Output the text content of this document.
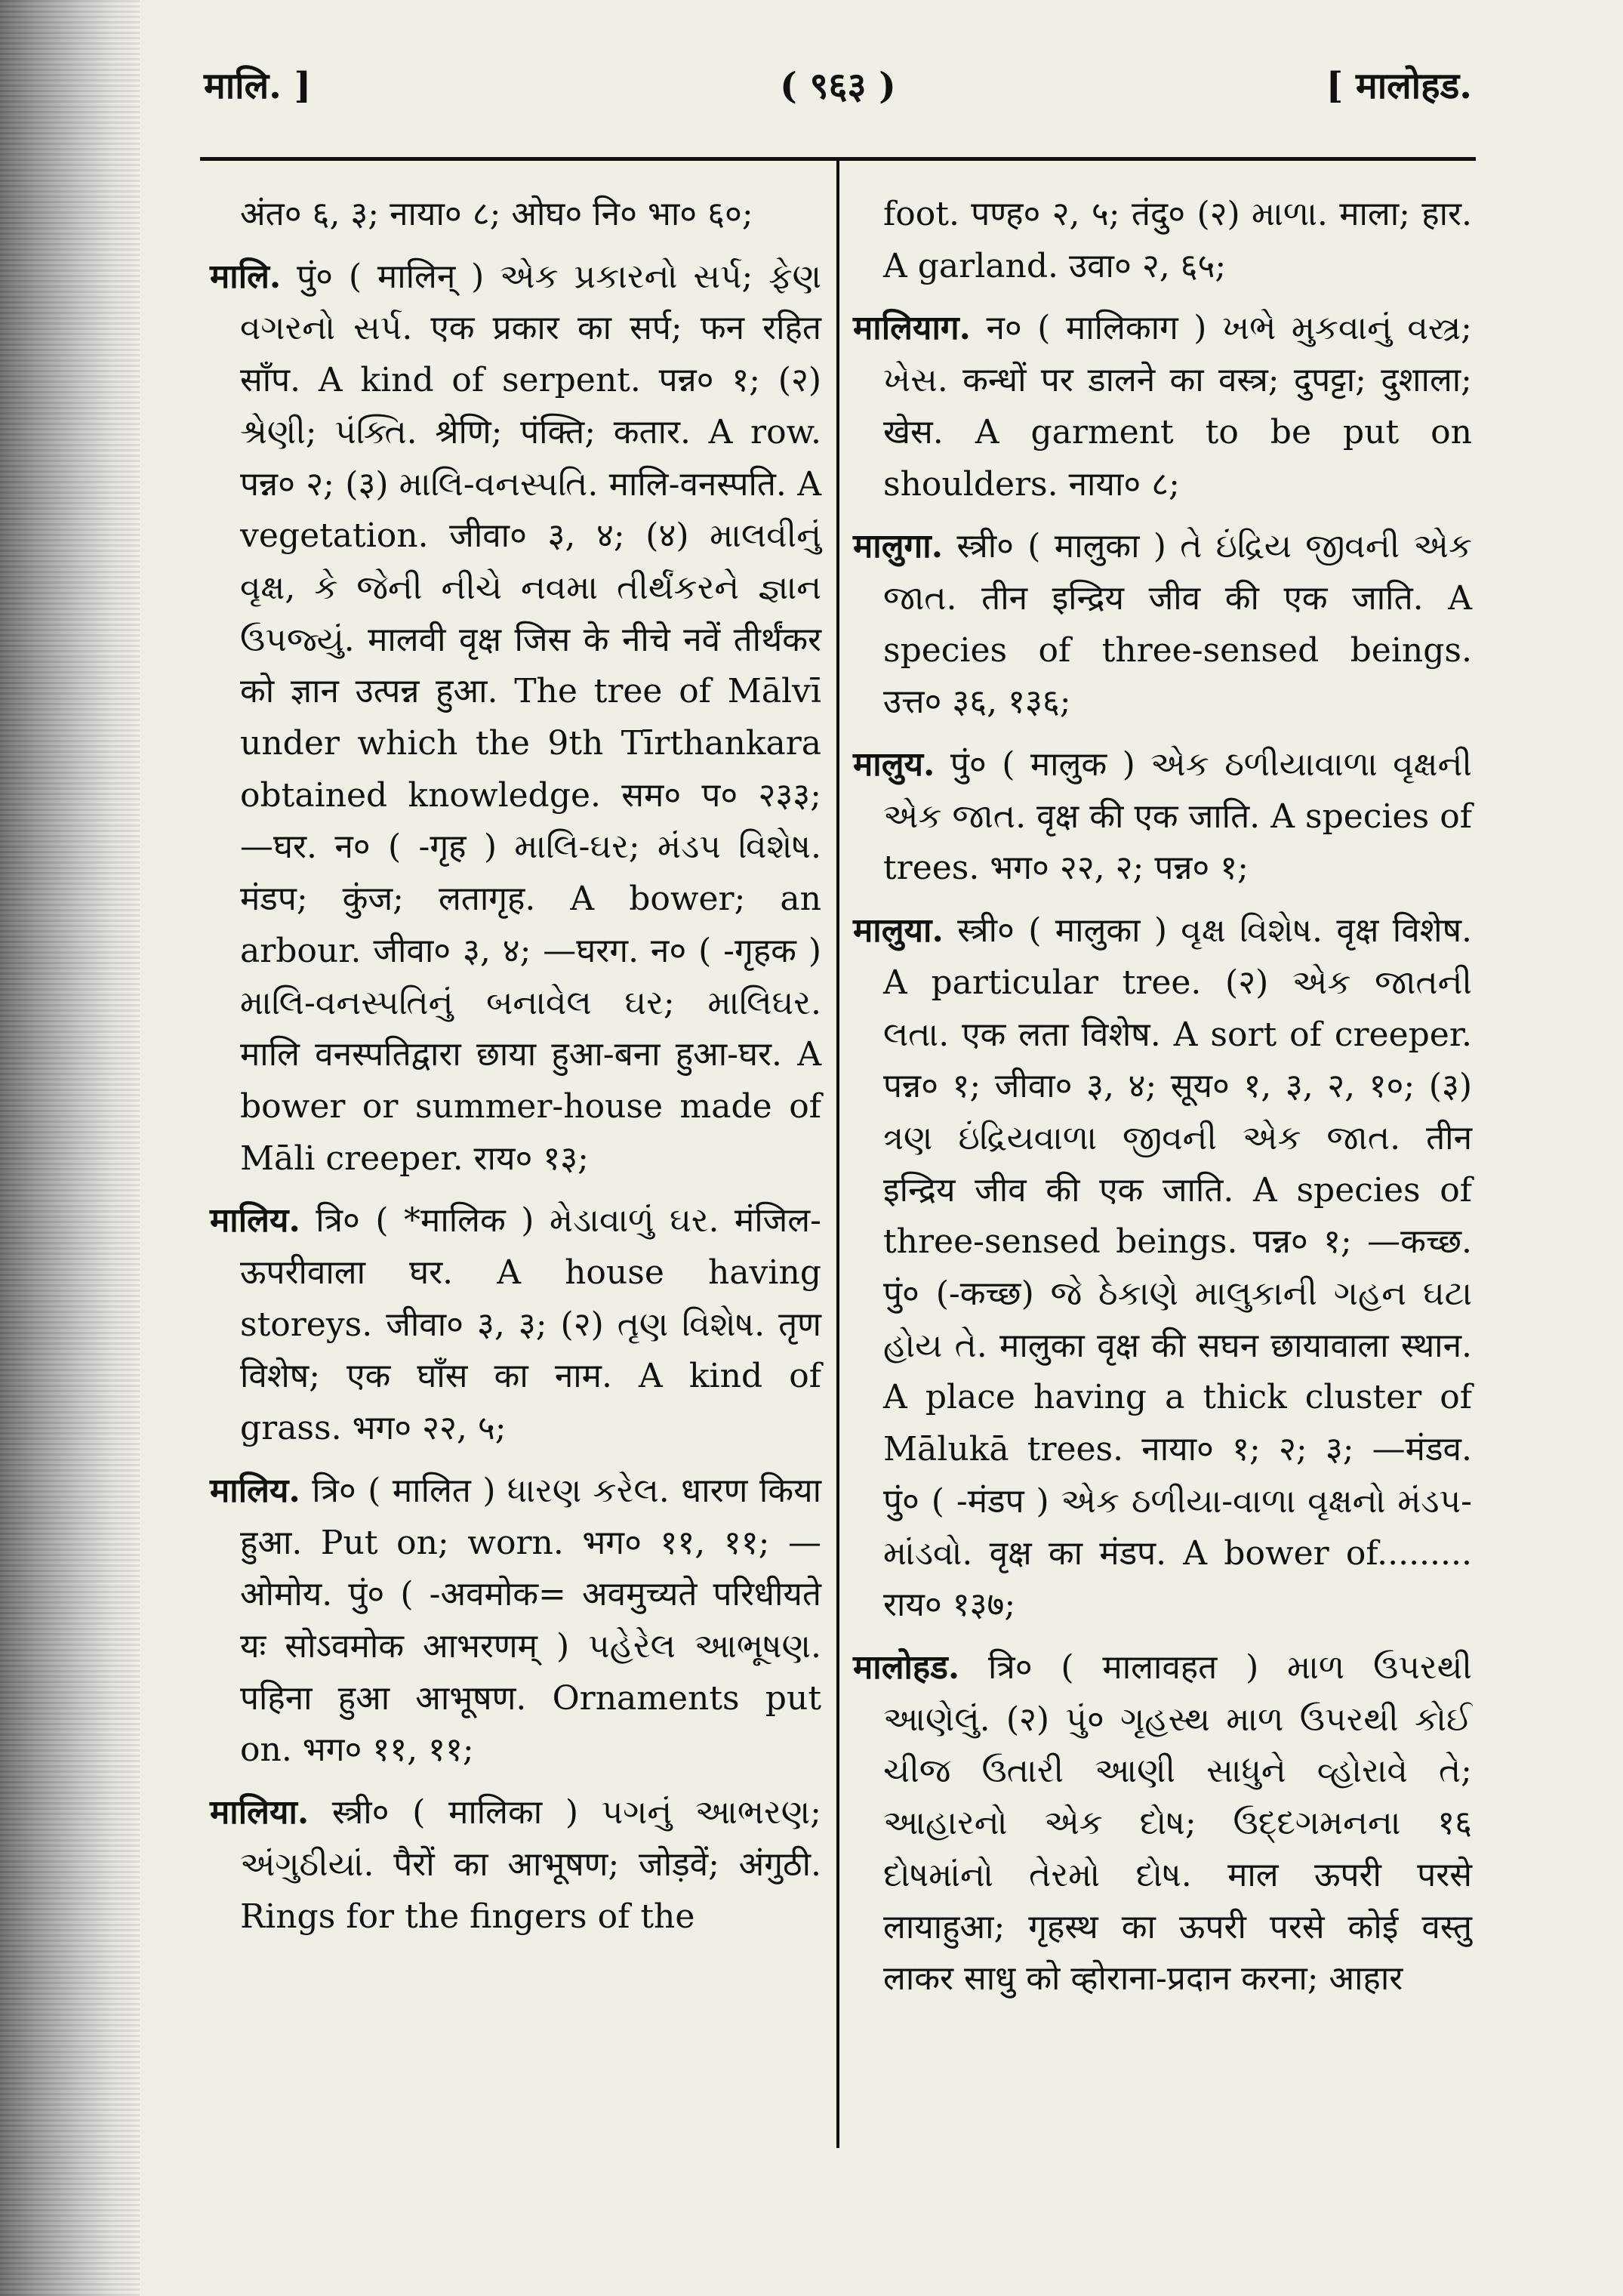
मालि. ]	( ९६३ )	[ मालोहड.

अंत० ६, ३; नाया० ८; ओघ० नि० भा० ६०;

मालि. पुं० ( मालिन् ) એક પ્રકારનો સર્પ; ફેણ વગરનો સર્પ. एक प्रकार का सर्प; फन रहित साँप. A kind of serpent. पन्न० १; (२) શ્રેણી; પંક્તિ. श्रेणि; पंक्ति; कतार. A row. पन्न० २; (३) માલિ-વનસ્પતિ. मालि-वनस्पति. A vegetation. जीवा० ३, ४; (४) માલવીનું વૃક્ષ, કે જેની નીચે નવમા તીર્થંકરને જ્ઞાન ઉપજ્યું. मालवी वृक्ष जिस के नीचे नवें तीर्थंकर को ज्ञान उत्पन्न हुआ. The tree of Mālvī under which the 9th Tīrthankara obtained knowledge. सम० प० २३३; —घर. न० ( -गृह ) માલિ-ઘર; મંડપ વિશેષ. मंडप; कुंज; लतागृह. A bower; an arbour. जीवा० ३, ४; —घरग. न० ( -गृहक ) માલિ-વનસ્પતિનું બનાવેલ ઘર; માલિઘર. मालि वनस्पतिद्वारा छाया हुआ-बना हुआ-घर. A bower or summer-house made of Māli creeper. राय० १३;

मालिय. त्रि० ( *मालिक ) મેડાવાળું ઘર. मंजिल-ऊपरीवाला घर. A house having storeys. जीवा० ३, ३; (२) તૃણ વિશેષ. तृण विशेष; एक घाँस का नाम. A kind of grass. भग० २२, ५;

मालिय. त्रि० ( मालित ) ધારણ કરેલ. धारण किया हुआ. Put on; worn. भग० ११, ११; —ओमोय. पुं० ( -अवमोक= अवमुच्यते परिधीयते यः सोऽवमोक आभरणम् ) પહેરેલ આભૂષણ. पहिना हुआ आभूषण. Ornaments put on. भग० ११, ११;

मालिया. स्त्री० ( मालिका ) પગનું આભરણ; અંગુઠીયાં. पैरों का आभूषण; जोड़वें; अंगुठी. Rings for the fingers of the

foot. पण्ह० २, ५; तंदु० (२) માળા. माला; हार. A garland. उवा० २, ६५;

मालियाग. न० ( मालिकाग ) ખભે મુકવાનું વસ્ત્ર; ખેસ. कन्धों पर डालने का वस्त्र; दुपट्टा; दुशाला; खेस. A garment to be put on shoulders. नाया० ८;

मालुगा. स्त्री० ( मालुका ) તે ઇંદ્રિય જીવની એક જાત. तीन इन्द्रिय जीव की एक जाति. A species of three-sensed beings. उत्त० ३६, १३६;

मालुय. पुं० ( मालुक ) એક ઠળીયાવાળા વૃક્ષની એક જાત. वृक्ष की एक जाति. A species of trees. भग० २२, २; पन्न० १;

मालुया. स्त्री० ( मालुका ) વૃક્ષ વિશેષ. वृक्ष विशेष. A particular tree. (२) એક જાતની લતા. एक लता विशेष. A sort of creeper. पन्न० १; जीवा० ३, ४; सूय० १, ३, २, १०; (३) ત્રણ ઇંદ્રિયવાળા જીવની એક જાત. तीन इन्द्रिय जीव की एक जाति. A species of three-sensed beings. पन्न० १; —कच्छ. पुं० (-कच्छ) જે ઠેકાણે માલુકાની ગહન ઘટા હોય તે. मालुका वृक्ष की सघन छायावाला स्थान. A place having a thick cluster of Mālukā trees. नाया० १; २; ३; —मंडव. पुं० ( -मंडप ) એક ઠળીયા-વાળા વૃક્ષનો મંડપ-માંડવો. वृक्ष का मंडप. A bower of......... राय० १३७;

मालोहड. त्रि० ( मालावहत ) માળ ઉપરથી આણેલું. (२) પું० ગૃહસ્થ માળ ઉપરથી કોઈ ચીજ ઉતારી આણી સાધુને વ્હોરાવે તે; આહારનો એક દોષ; ઉદ્દગમનના १६ દોષમાંનો તેરમો દોષ. माल ऊपरी परसे लायाहुआ; गृहस्थ का ऊपरी परसे कोई वस्तु लाकर साधु को व्होराना-प्रदान करना; आहार
